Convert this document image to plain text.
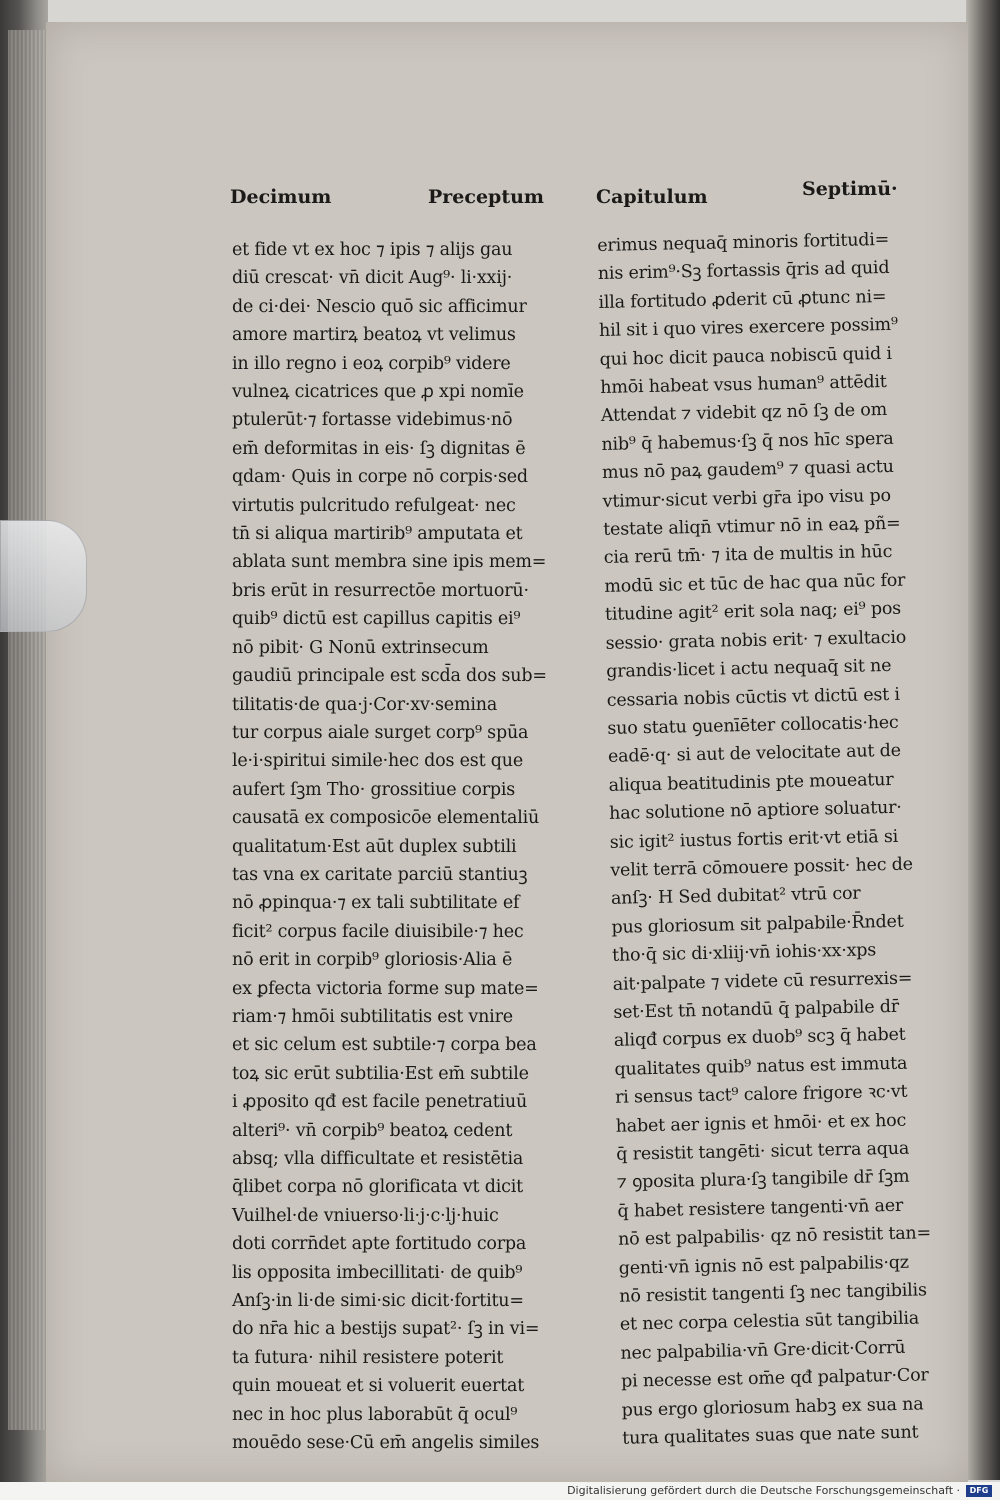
Decimum	Preceptum	Capitulum	Septimū·
et fide vt ex hoc ⁊ ipis ⁊ alijs gau
diū crescat· vn̄ dicit Aug⁹· li·xxij·
de ci·dei· Nescio quō sic afficimur
amore martirꝝ beatoꝝ vt velimus
in illo regno i eoꝝ corpib⁹ videre
vulneꝝ cicatrices que ꝓ xpi nomīe
ptulerūt·⁊ fortasse videbimus·nō
em̄ deformitas in eis· ſꝫ dignitas ē
qdam· Quis in corpe nō corpis·sed
virtutis pulcritudo refulgeat· nec
tn̄ si aliqua martirib⁹ amputata et
ablata sunt membra sine ipis mem=
bris erūt in resurrectōe mortuorū·
quib⁹ dictū est capillus capitis ei⁹
nō pibit· G Nonū extrinsecum
gaudiū principale est scd̄a dos sub=
tilitatis·de qua·j·Cor·xv·semina
tur corpus aiale surget corp⁹ spūa
le·i·spiritui simile·hec dos est que
aufert ſꝫm Tho· grossitiue corpis
causatā ex composicōe elementaliū
qualitatum·Est aūt duplex subtili
tas vna ex caritate parciū stantiuꝫ
nō ꝓpinqua·⁊ ex tali subtilitate ef
ficit² corpus facile diuisibile·⁊ hec
nō erit in corpib⁹ gloriosis·Alia ē
ex ꝑfecta victoria forme sup mate=
riam·⁊ hmōi subtilitatis est vnire
et sic celum est subtile·⁊ corpa bea
toꝝ sic erūt subtilia·Est em̄ subtile
i ꝓposito qđ est facile penetratiuū
alteri⁹· vn̄ corpib⁹ beatoꝝ cedent
absq; vlla difficultate et resistētia
q̄libet corpa nō glorificata vt dicit
Vuilhel·de vniuerso·li·j·c·lj·huic
doti corrn̄det apte fortitudo corpa
lis opposita imbecillitati· de quib⁹
Anſꝫ·in li·de simi·sic dicit·fortitu=
do nr̄a hic a bestijs supat²· ſꝫ in vi=
ta futura· nihil resistere poterit
quin moueat et si voluerit euertat
nec in hoc plus laborabūt q̄ ocul⁹
mouēdo sese·Cū em̄ angelis similes
erimus nequaq̄ minoris fortitudi=
nis erim⁹·Sꝫ fortassis q̄ris ad quid
illa fortitudo ꝓderit cū ꝓtunc ni=
hil sit i quo vires exercere possim⁹
qui hoc dicit pauca nobiscū quid i
hmōi habeat vsus human⁹ attēdit
Attendat ⁊ videbit qz nō ſꝫ de om
nib⁹ q̄ habemus·ſꝫ q̄ nos hīc spera
mus nō paꝝ gaudem⁹ ⁊ quasi actu
vtimur·sicut verbi gr̄a ipo visu po
testate aliqn̄ vtimur nō in eaꝝ pñ=
cia rerū tm̄· ⁊ ita de multis in hūc
modū sic et tūc de hac qua nūc for
titudine agit² erit sola naq; ei⁹ pos
sessio· grata nobis erit· ⁊ exultacio
grandis·licet i actu nequaq̄ sit ne
cessaria nobis cūctis vt dictū est i
suo statu ꝯuenīēter collocatis·hec
eadē·q· si aut de velocitate aut de
aliqua beatitudinis pte moueatur
hac solutione nō aptiore soluatur·
sic igit² iustus fortis erit·vt etiā si
velit terrā cōmouere possit· hec de
anſꝫ· H Sed dubitat² vtrū cor
pus gloriosum sit palpabile·R̄ndet
tho·q̄ sic di·xliij·vn̄ iohis·xx·xps
ait·palpate ⁊ videte cū resurrexis=
set·Est tn̄ notandū q̄ palpabile dr̄
aliqđ corpus ex duob⁹ scꝫ q̄ habet
qualitates quib⁹ natus est immuta
ri sensus tact⁹ calore frigore ꝛc·vt
habet aer ignis et hmōi· et ex hoc
q̄ resistit tangēti· sicut terra aqua
⁊ ꝯposita plura·ſꝫ tangibile dr̄ ſꝫm
q̄ habet resistere tangenti·vn̄ aer
nō est palpabilis· qz nō resistit tan=
genti·vn̄ ignis nō est palpabilis·qz
nō resistit tangenti ſꝫ nec tangibilis
et nec corpa celestia sūt tangibilia
nec palpabilia·vn̄ Gre·dicit·Corrū
pi necesse est om̄e qđ palpatur·Cor
pus ergo gloriosum habꝫ ex sua na
tura qualitates suas que nate sunt
Digitalisierung gefördert durch die Deutsche Forschungsgemeinschaft ·	DFG
